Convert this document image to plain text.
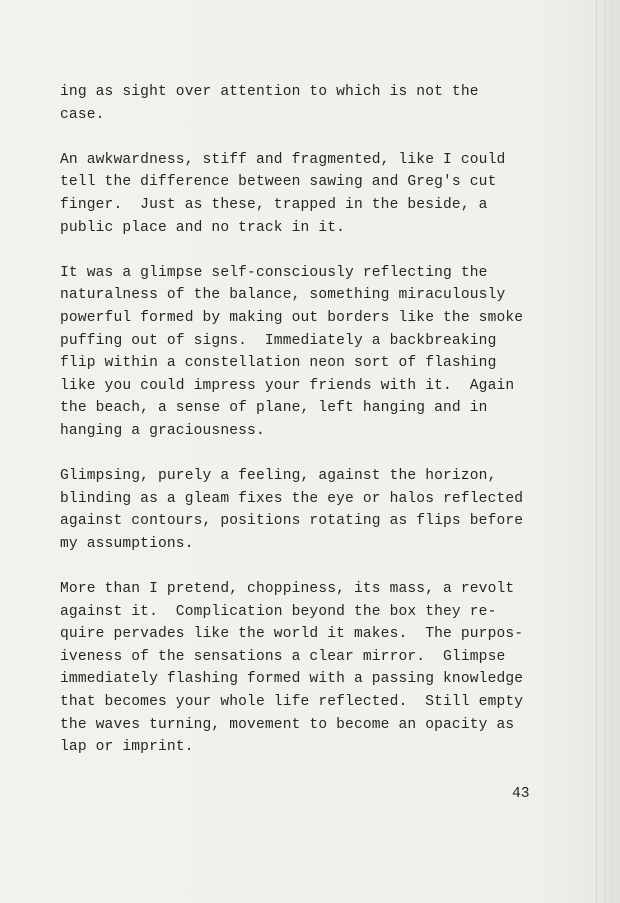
ing as sight over attention to which is not the
case.

An awkwardness, stiff and fragmented, like I could
tell the difference between sawing and Greg's cut
finger.  Just as these, trapped in the beside, a
public place and no track in it.

It was a glimpse self-consciously reflecting the
naturalness of the balance, something miraculously
powerful formed by making out borders like the smoke
puffing out of signs.  Immediately a backbreaking
flip within a constellation neon sort of flashing
like you could impress your friends with it.  Again
the beach, a sense of plane, left hanging and in
hanging a graciousness.

Glimpsing, purely a feeling, against the horizon,
blinding as a gleam fixes the eye or halos reflected
against contours, positions rotating as flips before
my assumptions.

More than I pretend, choppiness, its mass, a revolt
against it.  Complication beyond the box they re-
quire pervades like the world it makes.  The purpos-
iveness of the sensations a clear mirror.  Glimpse
immediately flashing formed with a passing knowledge
that becomes your whole life reflected.  Still empty
the waves turning, movement to become an opacity as
lap or imprint.

43
